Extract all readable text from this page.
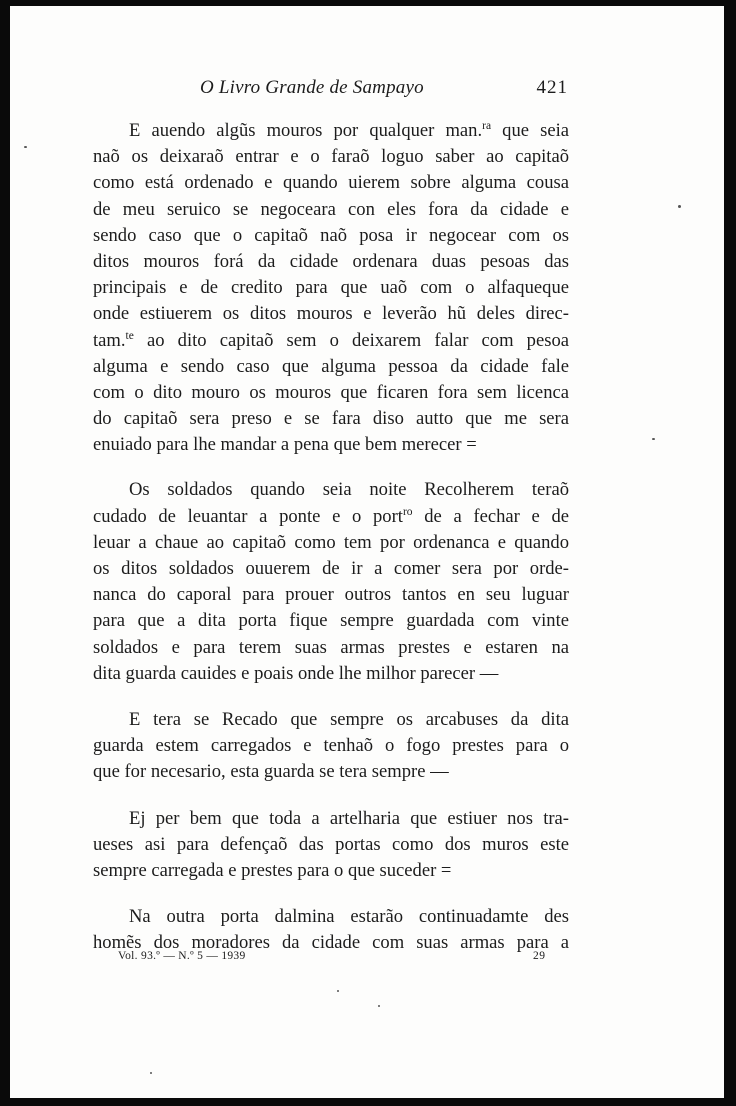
O Livro Grande de Sampayo	421

E auendo algũs mouros por qualquer man.$^{ra}$ que seia
naõ os deixaraõ entrar e o faraõ loguo saber ao capitaõ
como está ordenado e quando uierem sobre alguma cousa
de meu seruico se negoceara con eles fora da cidade e
sendo caso que o capitaõ naõ posa ir negocear com os
ditos mouros forá da cidade ordenara duas pesoas das
principais e de credito para que uaõ com o alfaqueque
onde estiuerem os ditos mouros e leverão hũ deles direc-
tam.$^{te}$ ao dito capitaõ sem o deixarem falar com pesoa
alguma e sendo caso que alguma pessoa da cidade fale
com o dito mouro os mouros que ficaren fora sem licenca
do capitaõ sera preso e se fara diso autto que me sera
enuiado para lhe mandar a pena que bem merecer =

Os soldados quando seia noite Recolherem teraõ
cudado de leuantar a ponte e o port$^{ro}$ de a fechar e de
leuar a chaue ao capitaõ como tem por ordenanca e quando
os ditos soldados ouuerem de ir a comer sera por orde-
nanca do caporal para prouer outros tantos en seu luguar
para que a dita porta fique sempre guardada com vinte
soldados e para terem suas armas prestes e estaren na
dita guarda cauides e poais onde lhe milhor parecer —

E tera se Recado que sempre os arcabuses da dita
guarda estem carregados e tenhaõ o fogo prestes para o
que for necesario, esta guarda se tera sempre —

Ej per bem que toda a artelharia que estiuer nos tra-
ueses asi para defençaõ das portas como dos muros este
sempre carregada e prestes para o que suceder =

Na outra porta dalmina estarão continuadamte des
homẽs dos moradores da cidade com suas armas para a

Vol. 93.º — N.º 5 — 1939	29
